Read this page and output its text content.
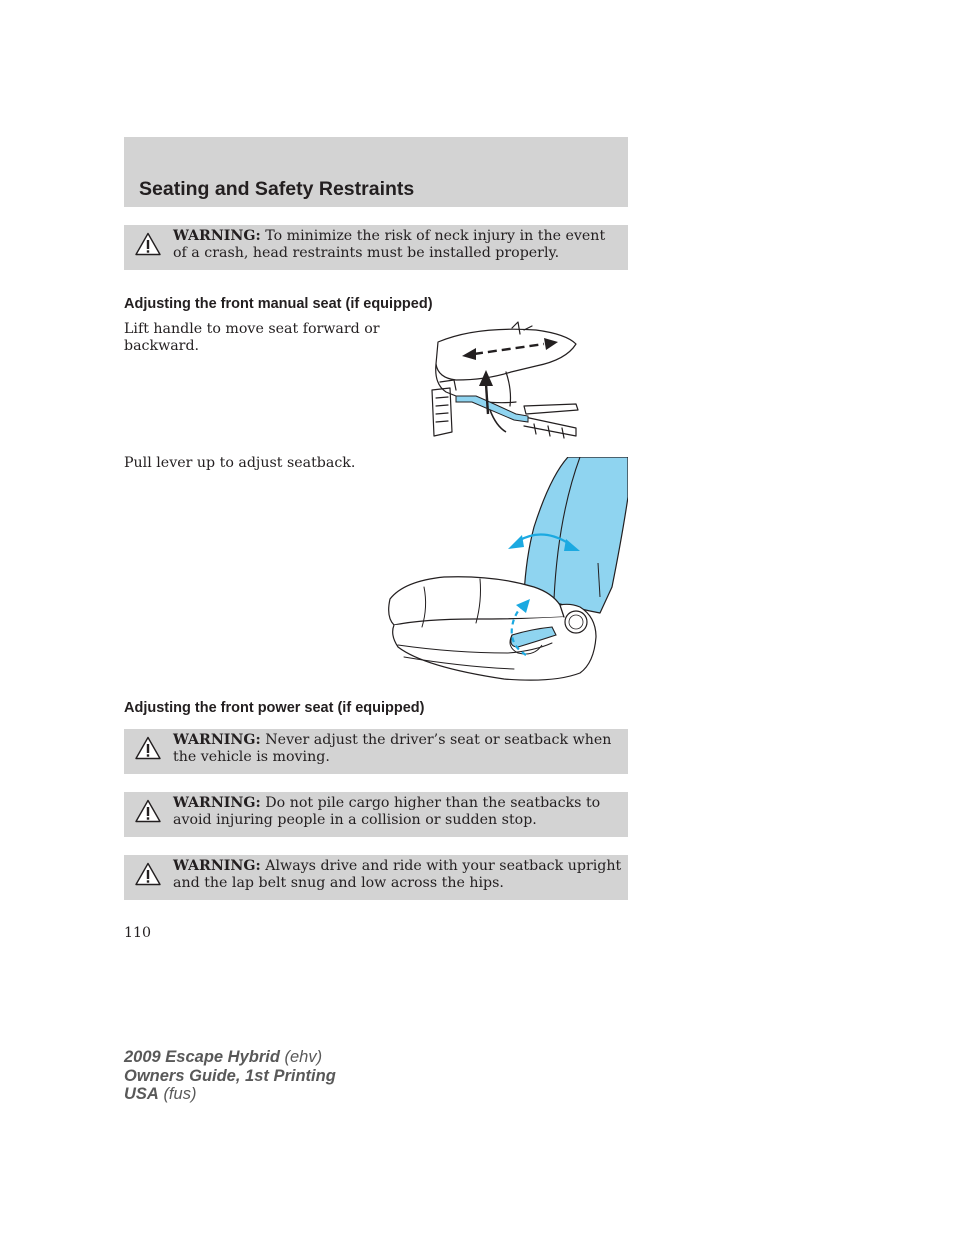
Seating and Safety Restraints
WARNING: To minimize the risk of neck injury in the event of a crash, head restraints must be installed properly.
Adjusting the front manual seat (if equipped)

Lift handle to move seat forward or backward.

Pull lever up to adjust seatback.

Adjusting the front power seat (if equipped)
WARNING: Never adjust the driver’s seat or seatback when the vehicle is moving.
WARNING: Do not pile cargo higher than the seatbacks to avoid injuring people in a collision or sudden stop.
WARNING: Always drive and ride with your seatback upright and the lap belt snug and low across the hips.
110
2009 Escape Hybrid (ehv)
Owners Guide, 1st Printing
USA (fus)
